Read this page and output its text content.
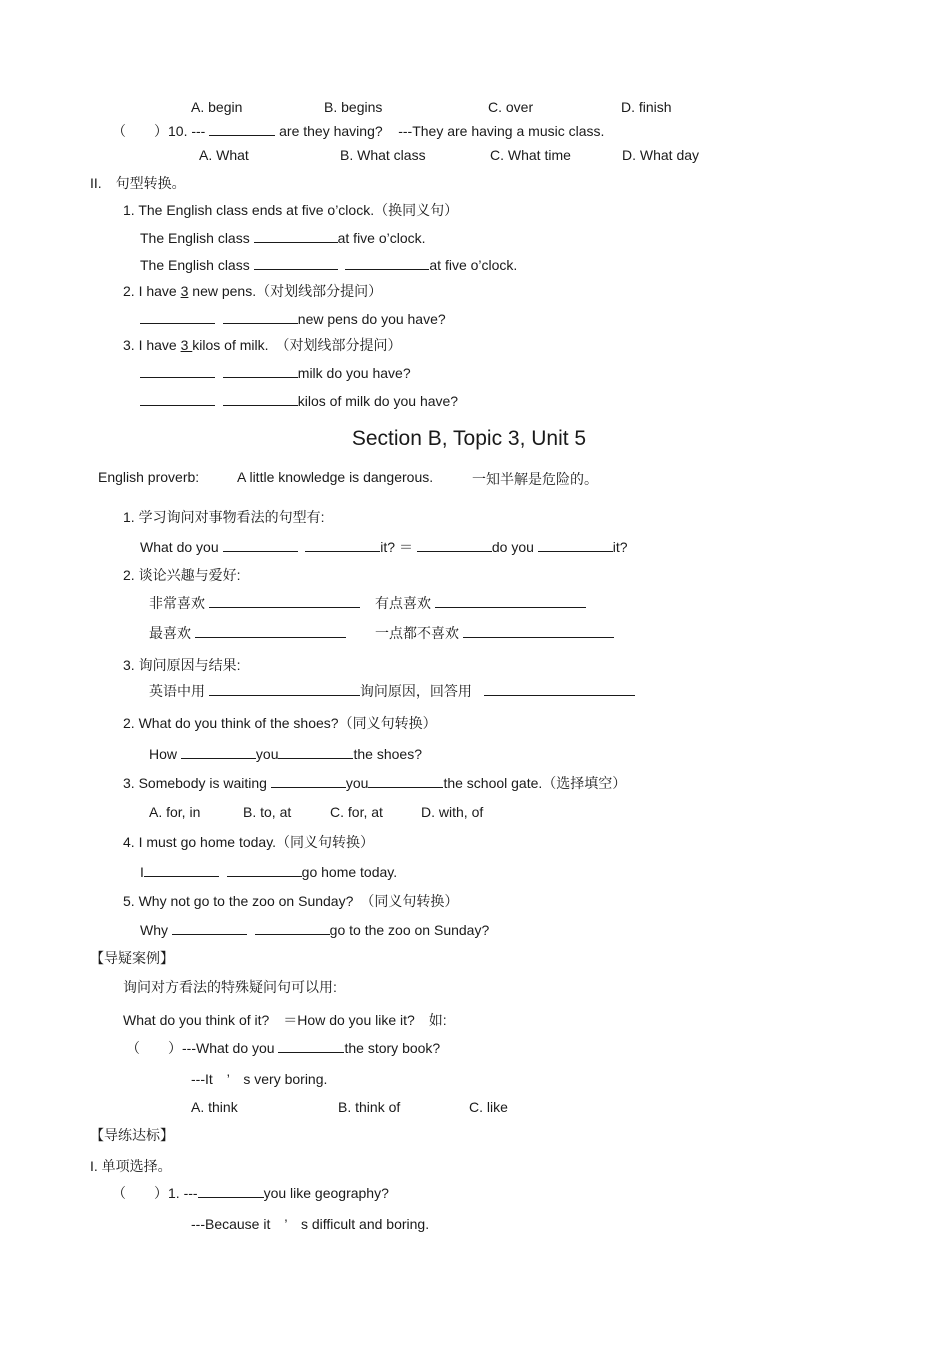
A. begin	B. begins	C. over	D. finish
（　　）10. ---	are they having? ---They are having a music class.
A. What	B. What class	C. What time	D. What day
II.　句型转换。
1. The English class ends at five o’clock.（换同义句）
The English class	at five o’clock.
The English class	at five o’clock.
2. I have 3 new pens.（对划线部分提问）
new pens do you have?
3. I have 3 kilos of milk.　（对划线部分提问）
milk do you have?
kilos of milk do you have?
Section B, Topic 3, Unit 5
English proverb:	A little knowledge is dangerous.	一知半解是危险的。
1. 学习询问对事物看法的句型有:
What do you	it? ＝	do you	it?
2. 谈论兴趣与爱好:
非常喜欢	有点喜欢
最喜欢	一点都不喜欢
3. 询问原因与结果:
英语中用	询问原因，回答用
2. What do you think of the shoes?（同义句转换）
How	you	the shoes?
3. Somebody is waiting	you	the school gate.（选择填空）
A. for, in	B. to, at	C. for, at	D. with, of
4. I must go home today.（同义句转换）
I	go home today.
5. Why not go to the zoo on Sunday?　（同义句转换）
Why	go to the zoo on Sunday?
【导疑案例】
询问对方看法的特殊疑问句可以用:
What do you think of it?　＝How do you like it?　如:
（　　）---What do you	the story book?
---It　’　s very boring.
A. think	B. think of	C. like
【导练达标】
I. 单项选择。
（　　）1. ---	you like geography?
---Because it　’　s difficult and boring.
